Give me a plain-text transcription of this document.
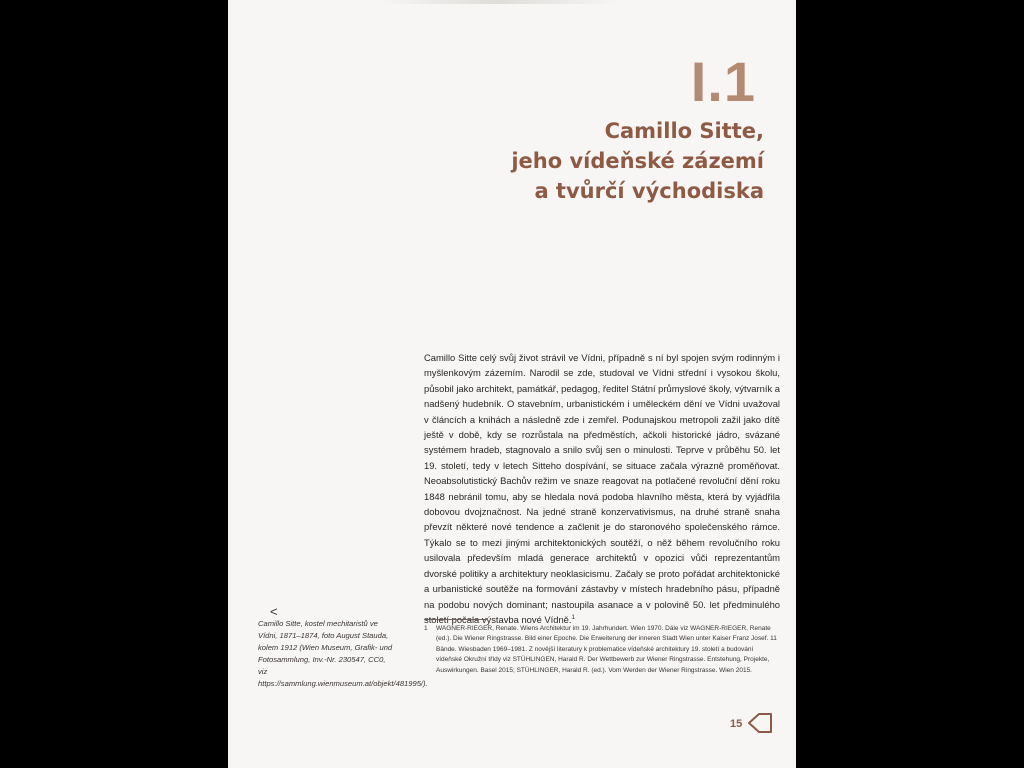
I.1
Camillo Sitte,
jeho vídeňské zázemí
a tvůrčí východiska

Camillo Sitte celý svůj život strávil ve Vídni, případně s ní byl spojen svým rodinným i myšlenkovým zázemím. Narodil se zde, studoval ve Vídni střední i vysokou školu, působil jako architekt, památkář, pedagog, ředitel Státní průmyslové školy, výtvarník a nadšený hudebník. O stavebním, urbanistickém i uměleckém dění ve Vídni uvažoval v článcích a knihách a následně zde i zemřel. Podunajskou metropoli zažil jako dítě ještě v době, kdy se rozrůstala na předměstích, ačkoli historické jádro, svázané systémem hradeb, stagnovalo a snilo svůj sen o minulosti. Teprve v průběhu 50. let 19. století, tedy v letech Sitteho dospívání, se situace začala výrazně proměňovat. Neoabsolutistický Bachův režim ve snaze reagovat na potlačené revoluční dění roku 1848 nebránil tomu, aby se hledala nová podoba hlavního města, která by vyjádřila dobovou dvojznačnost. Na jedné straně konzervativismus, na druhé straně snaha převzít některé nové tendence a začlenit je do staronového společenského rámce. Týkalo se to mezi jinými architektonických soutěží, o něž během revolučního roku usilovala především mladá generace architektů v opozici vůči reprezentantům dvorské politiky a architektury neoklasicismu. Začaly se proto pořádat architektonické a urbanistické soutěže na formování zástavby v místech hradebního pásu, případně na podobu nových dominant; nastoupila asanace a v polovině 50. let předminulého století počala výstavba nové Vídně.$^1$

<

Camillo Sitte, kostel mechitaristů ve Vídni, 1871–1874, foto August Stauda, kolem 1912 (Wien Museum, Grafik- und Fotosammlung, Inv.-Nr. 230547, CC0, viz https://sammlung.wienmuseum.at/objekt/481995/).

1 WAGNER-RIEGER, Renate. Wiens Architektur im 19. Jahrhundert. Wien 1970. Dále viz WAGNER-RIEGER, Renate (ed.). Die Wiener Ringstrasse. Bild einer Epoche. Die Erweiterung der inneren Stadt Wien unter Kaiser Franz Josef. 11 Bände. Wiesbaden 1969–1981. Z novější literatury k problematice vídeňské architektury 19. století a budování vídeňské Okružní třídy viz STÜHLINGEN, Harald R. Der Wettbewerb zur Wiener Ringstrasse. Entstehung, Projekte, Auswirkungen. Basel 2015; STÜHLINGER, Harald R. (ed.). Vom Werden der Wiener Ringstrasse. Wien 2015.
15
